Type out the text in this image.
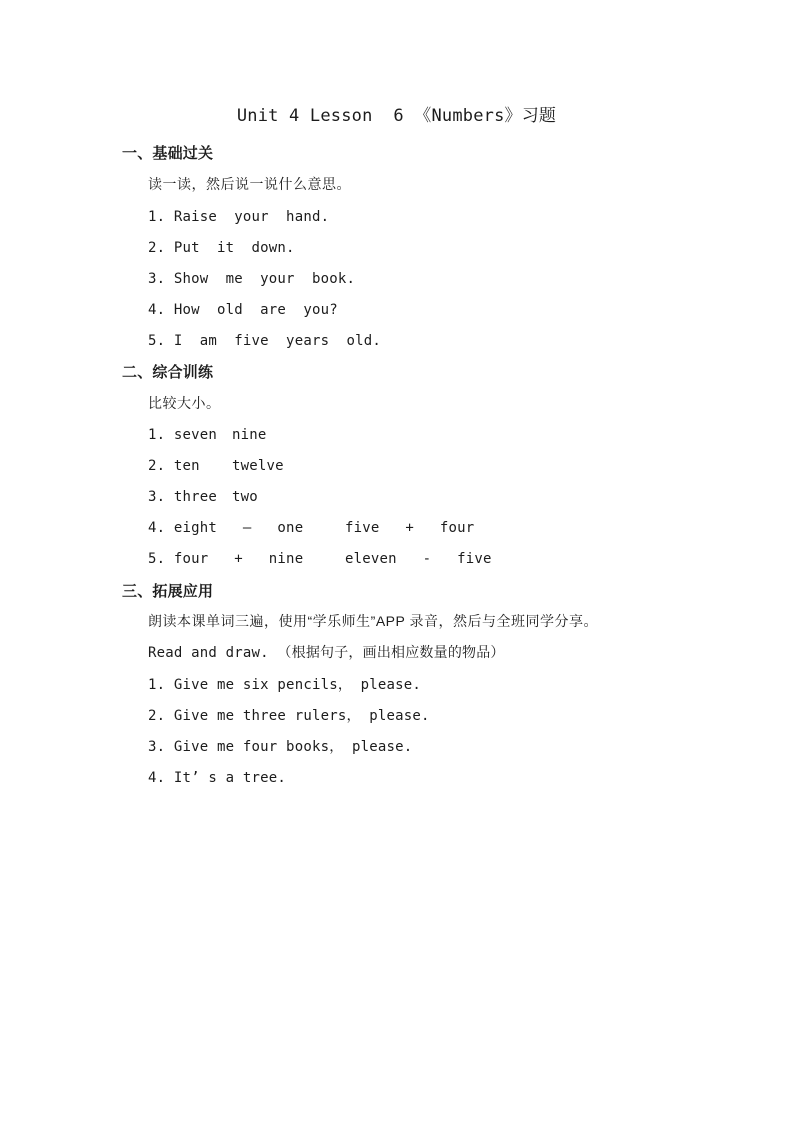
Unit 4 Lesson  6 《Numbers》习题
一、基础过关
读一读，然后说一说什么意思。
1. Raise  your  hand.
2. Put  it  down.
3. Show  me  your  book.
4. How  old  are  you?
5. I  am  five  years  old.
二、综合训练
比较大小。
1. seven nine
2. ten twelve
3. three two
4. eight   —   one	five   +   four
5. four   +   nine	eleven   -   five
三、拓展应用
朗读本课单词三遍，使用“学乐师生”APP 录音，然后与全班同学分享。
Read and draw. （根据句子，画出相应数量的物品）
1. Give me six pencils， please.
2. Give me three rulers， please.
3. Give me four books， please.
4. It’ s a tree.
